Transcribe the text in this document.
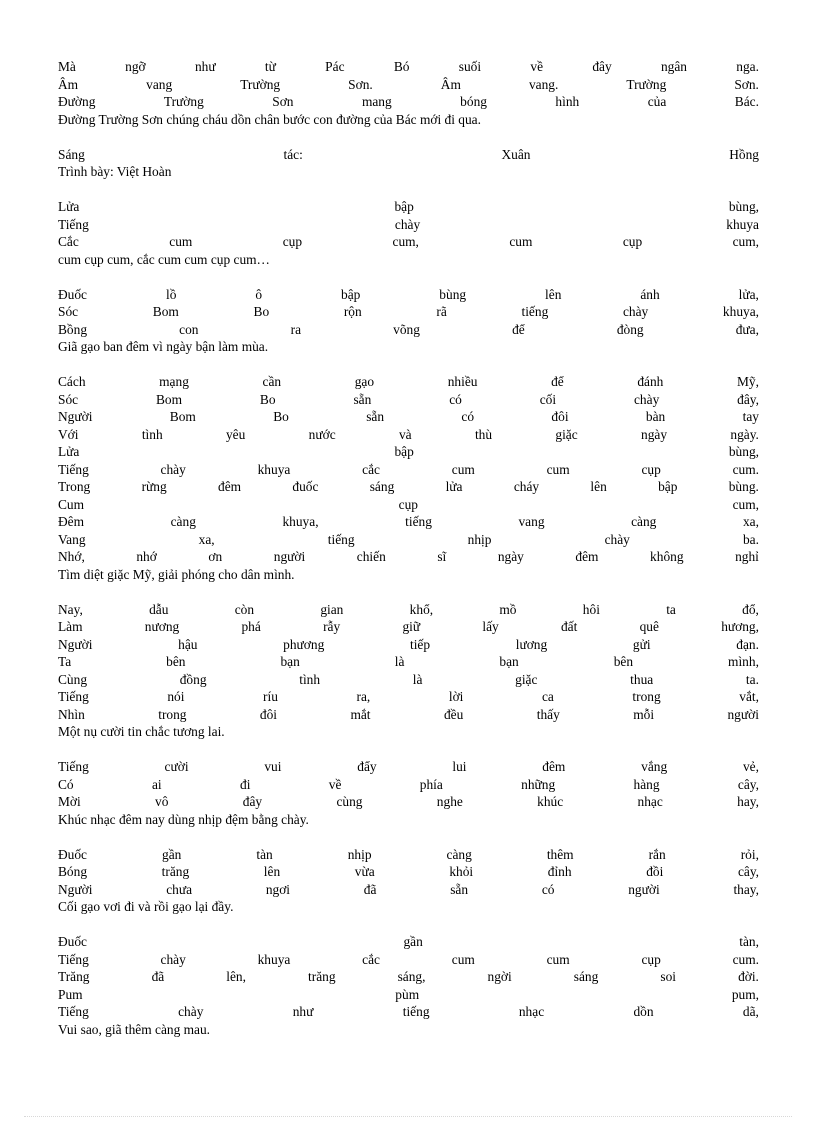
Mà	ngỡ	như	từ	Pác	Bó	suối	về	đây	ngân	nga.
Âm	vang	Trường	Sơn.	Âm	vang.	Trường	Sơn.
Đường	Trường	Sơn	mang	bóng	hình	của	Bác.
Đường Trường Sơn chúng cháu dồn chân bước con đường của Bác mới đi qua.
Sáng	tác:	Xuân	Hồng
Trình bày: Việt Hoàn
Lửa	bập	bùng,
Tiếng	chày	khuya
Cắc	cum	cụp	cum,	cum	cụp	cum,
cum cụp cum, cắc cum cum cụp cum…
Đuốc	lồ	ô	bập	bùng	lên	ánh	lửa,
Sóc	Bom	Bo	rộn	rã	tiếng	chày	khuya,
Bồng	con	ra	võng	để	đòng	đưa,
Giã gạo ban đêm vì ngày bận làm mùa.
Cách	mạng	cần	gạo	nhiều	để	đánh	Mỹ,
Sóc	Bom	Bo	sẵn	có	cối	chày	đây,
Người	Bom	Bo	sẵn	có	đôi	bàn	tay
Với	tình	yêu	nước	và	thù	giặc	ngày	ngày.
Lửa	bập	bùng,
Tiếng	chày	khuya	cắc	cum	cum	cụp	cum.
Trong	rừng	đêm	đuốc	sáng	lửa	cháy	lên	bập	bùng.
Cum	cụp	cum,
Đêm	càng	khuya,	tiếng	vang	càng	xa,
Vang	xa,	tiếng	nhịp	chày	ba.
Nhớ,	nhớ	ơn	người	chiến	sĩ	ngày	đêm	không	nghỉ
Tìm diệt giặc Mỹ, giải phóng cho dân mình.
Nay,	dẫu	còn	gian	khổ,	mồ	hôi	ta	đổ,
Làm	nương	phá	rẫy	giữ	lấy	đất	quê	hương,
Người	hậu	phương	tiếp	lương	gửi	đạn.
Ta	bên	bạn	là	bạn	bên	mình,
Cùng	đồng	tình	là	giặc	thua	ta.
Tiếng	nói	ríu	ra,	lời	ca	trong	vắt,
Nhìn	trong	đôi	mắt	đều	thấy	mỗi	người
Một nụ cười tin chắc tương lai.
Tiếng	cười	vui	đẩy	lui	đêm	vắng	vẻ,
Có	ai	đi	về	phía	những	hàng	cây,
Mời	vô	đây	cùng	nghe	khúc	nhạc	hay,
Khúc nhạc đêm nay dùng nhịp đệm bằng chày.
Đuốc	gần	tàn	nhịp	càng	thêm	rắn	rỏi,
Bóng	trăng	lên	vừa	khỏi	đỉnh	đồi	cây,
Người	chưa	ngơi	đã	sẵn	có	người	thay,
Cối gạo vơi đi và rồi gạo lại đầy.
Đuốc	gần	tàn,
Tiếng	chày	khuya	cắc	cum	cum	cụp	cum.
Trăng	đã	lên,	trăng	sáng,	ngời	sáng	soi	đời.
Pum	pùm	pum,
Tiếng	chày	như	tiếng	nhạc	dồn	dã,
Vui sao, giã thêm càng mau.
